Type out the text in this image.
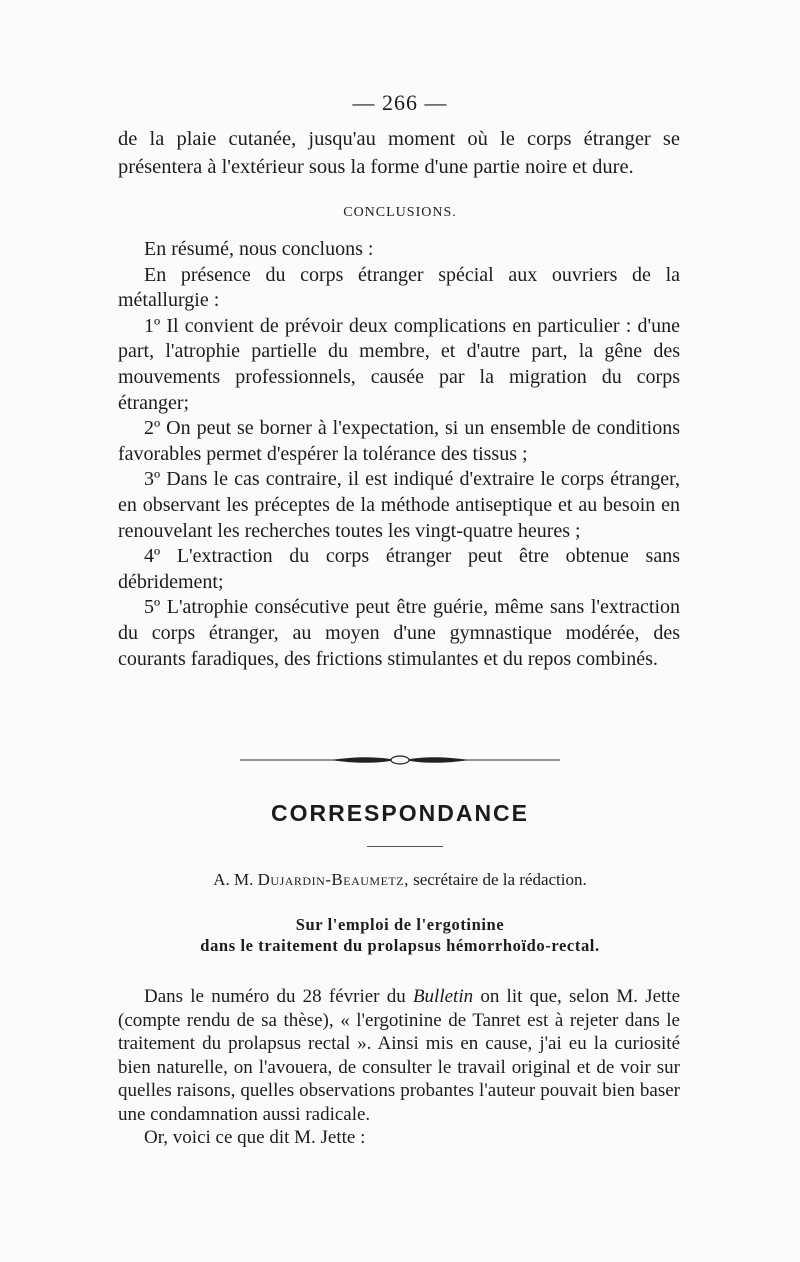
— 266 —

de la plaie cutanée, jusqu'au moment où le corps étranger se présentera à l'extérieur sous la forme d'une partie noire et dure.

CONCLUSIONS.

En résumé, nous concluons :

En présence du corps étranger spécial aux ouvriers de la métallurgie :

1º Il convient de prévoir deux complications en particulier : d'une part, l'atrophie partielle du membre, et d'autre part, la gêne des mouvements professionnels, causée par la migration du corps étranger;

2º On peut se borner à l'expectation, si un ensemble de conditions favorables permet d'espérer la tolérance des tissus ;

3º Dans le cas contraire, il est indiqué d'extraire le corps étranger, en observant les préceptes de la méthode antiseptique et au besoin en renouvelant les recherches toutes les vingt-quatre heures ;

4º L'extraction du corps étranger peut être obtenue sans débridement;

5º L'atrophie consécutive peut être guérie, même sans l'extraction du corps étranger, au moyen d'une gymnastique modérée, des courants faradiques, des frictions stimulantes et du repos combinés.

CORRESPONDANCE
A. M. Dujardin-Beaumetz, secrétaire de la rédaction.
Sur l'emploi de l'ergotinine
dans le traitement du prolapsus hémorrhoïdo-rectal.

Dans le numéro du 28 février du Bulletin on lit que, selon M. Jette (compte rendu de sa thèse), « l'ergotinine de Tanret est à rejeter dans le traitement du prolapsus rectal ». Ainsi mis en cause, j'ai eu la curiosité bien naturelle, on l'avouera, de consulter le travail original et de voir sur quelles raisons, quelles observations probantes l'auteur pouvait bien baser une condamnation aussi radicale.

Or, voici ce que dit M. Jette :
